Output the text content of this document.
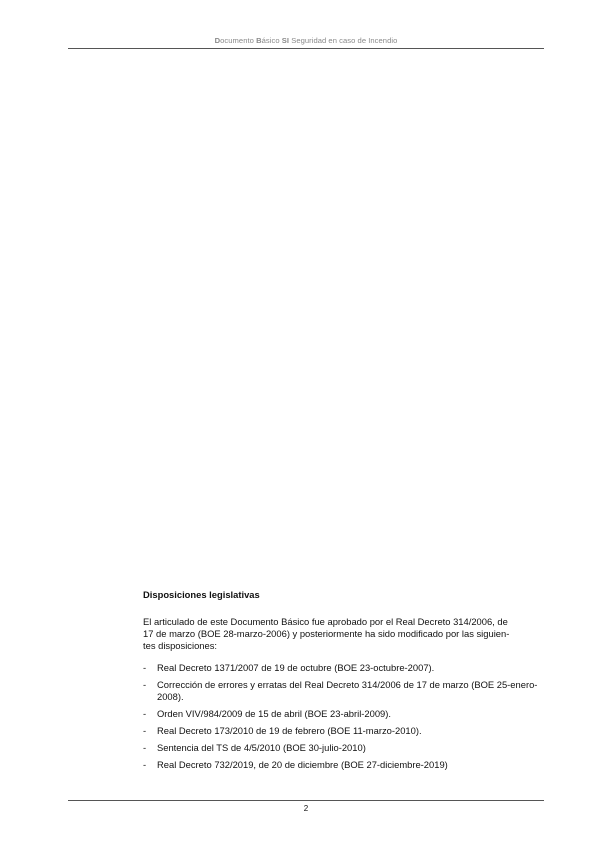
Documento Básico SI Seguridad en caso de Incendio
Disposiciones legislativas
El articulado de este Documento Básico fue aprobado por el Real Decreto 314/2006, de
17 de marzo (BOE 28-marzo-2006) y posteriormente ha sido modificado por las siguien-
tes disposiciones:
- Real Decreto 1371/2007 de 19 de octubre (BOE 23-octubre-2007).
- Corrección de errores y erratas del Real Decreto 314/2006 de 17 de marzo (BOE 25-enero-2008).
- Orden VIV/984/2009 de 15 de abril (BOE 23-abril-2009).
- Real Decreto 173/2010 de 19 de febrero (BOE 11-marzo-2010).
- Sentencia del TS de 4/5/2010 (BOE 30-julio-2010)
- Real Decreto 732/2019, de 20 de diciembre (BOE 27-diciembre-2019)
2
